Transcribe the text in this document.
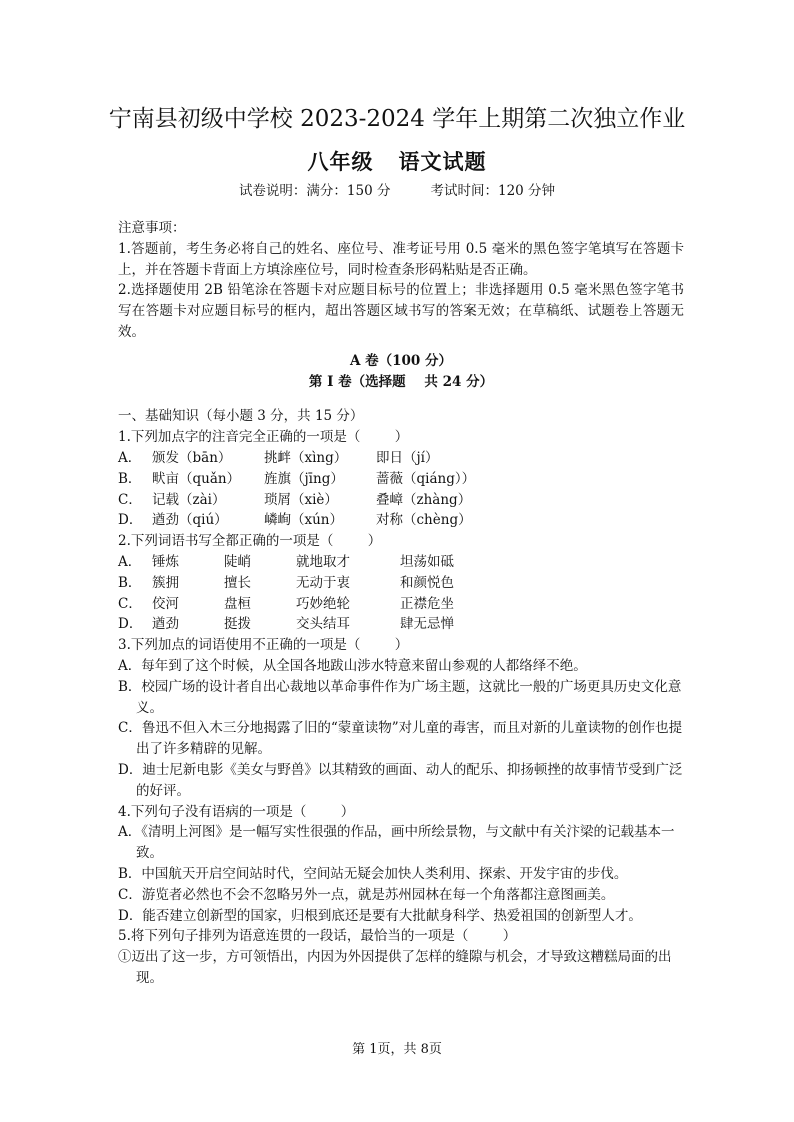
宁南县初级中学校 2023-2024 学年上期第二次独立作业
八年级   语文试题
试卷说明：满分：150 分	考试时间：120 分钟

注意事项：

1.答题前，考生务必将自己的姓名、座位号、准考证号用 0.5 毫米的黑色签字笔填写在答题卡上，并在答题卡背面上方填涂座位号，同时检查条形码粘贴是否正确。

2.选择题使用 2B 铅笔涂在答题卡对应题目标号的位置上；非选择题用 0.5 毫米黑色签字笔书写在答题卡对应题目标号的框内，超出答题区域书写的答案无效；在草稿纸、试题卷上答题无效。

A 卷（100 分）

第 I 卷（选择题    共 24 分）

一、基础知识（每小题 3 分，共 15 分）

1.下列加点字的注音完全正确的一项是（        ）

A． 颁发（bān）	挑衅（xìng）	即日（jí）
B． 畎亩（quǎn）	旌旗（jīng）	蔷薇（qiáng））
C． 记载（zài）	琐屑（xiè）	叠嶂（zhàng）
D． 遒劲（qiú）	嶙峋（xún）	对称（chèng）

2.下列词语书写全都正确的一项是（        ）

A． 锤炼	陡峭	就地取才	坦荡如砥
B． 簇拥	擅长	无动于衷	和颜悦色
C． 佼河	盘桓	巧妙绝轮	正襟危坐
D． 遒劲	挺拨	交头结耳	肆无忌惮

3.下列加点的词语使用不正确的一项是（        ）

A．每年到了这个时候，从全国各地跋山涉水特意来留山参观的人都络绎不绝。

B．校园广场的设计者自出心裁地以革命事件作为广场主题，这就比一般的广场更具历史文化意义。

C．鲁迅不但入木三分地揭露了旧的“蒙童读物”对儿童的毒害，而且对新的儿童读物的创作也提出了许多精辟的见解。

D．迪士尼新电影《美女与野兽》以其精致的画面、动人的配乐、抑扬顿挫的故事情节受到广泛的好评。

4.下列句子没有语病的一项是（        ）

A．《清明上河图》是一幅写实性很强的作品，画中所绘景物，与文献中有关汴梁的记载基本一致。

B．中国航天开启空间站时代，空间站无疑会加快人类利用、探索、开发宇宙的步伐。

C．游览者必然也不会不忽略另外一点，就是苏州园林在每一个角落都注意图画美。

D．能否建立创新型的国家，归根到底还是要有大批献身科学、热爱祖国的创新型人才。

5.将下列句子排列为语意连贯的一段话，最恰当的一项是（        ）

①迈出了这一步，方可领悟出，内因为外因提供了怎样的缝隙与机会，才导致这糟糕局面的出现。

第 1页，共 8页
